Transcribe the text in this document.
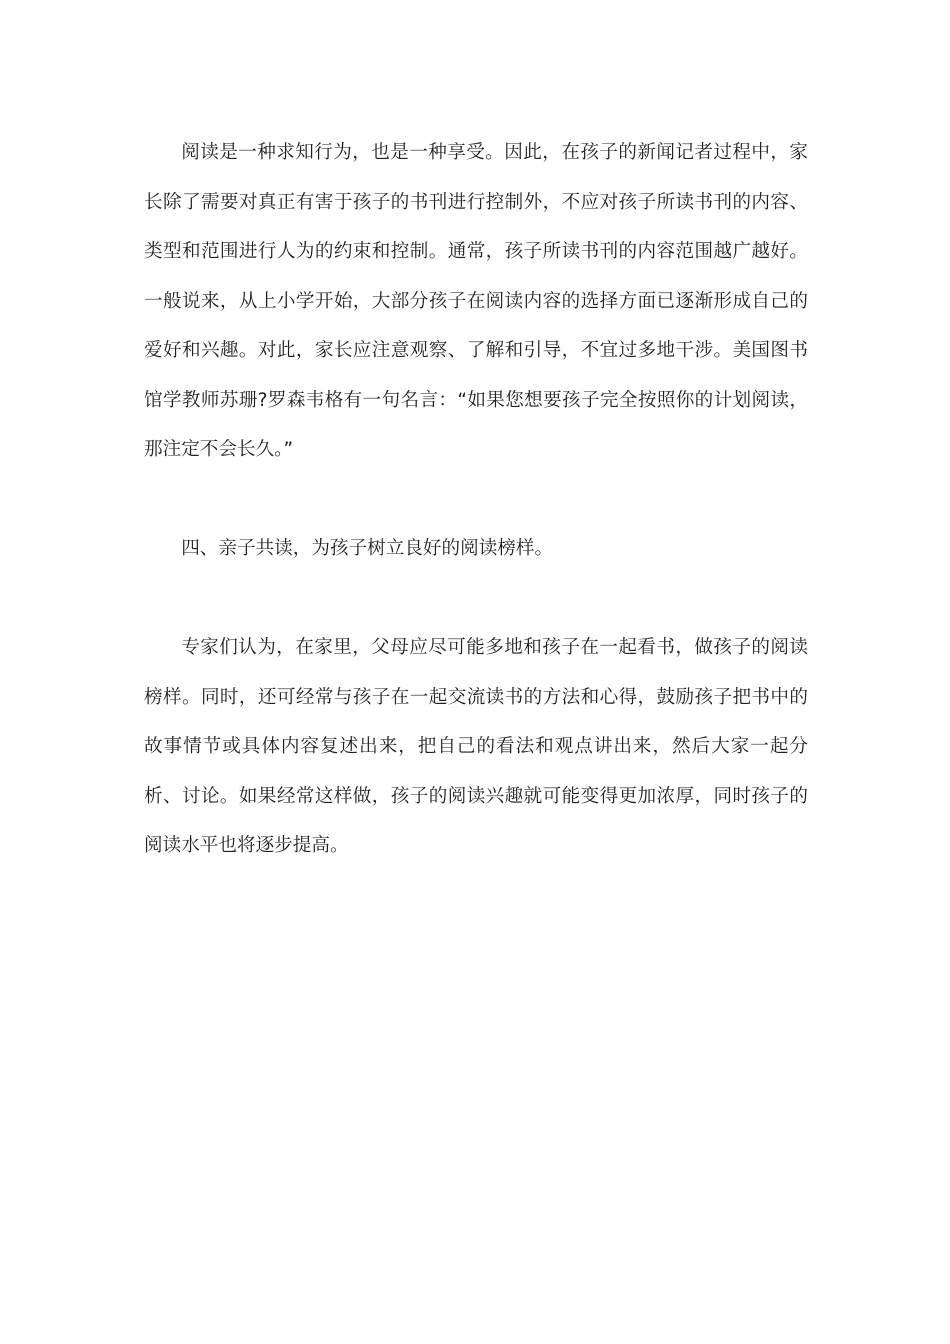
阅读是一种求知行为，也是一种享受。因此，在孩子的新闻记者过程中，家长除了需要对真正有害于孩子的书刊进行控制外，不应对孩子所读书刊的内容、类型和范围进行人为的约束和控制。通常，孩子所读书刊的内容范围越广越好。一般说来，从上小学开始，大部分孩子在阅读内容的选择方面已逐渐形成自己的爱好和兴趣。对此，家长应注意观察、了解和引导，不宜过多地干涉。美国图书馆学教师苏珊?罗森韦格有一句名言：“如果您想要孩子完全按照你的计划阅读，那注定不会长久。”

四、亲子共读，为孩子树立良好的阅读榜样。

专家们认为，在家里，父母应尽可能多地和孩子在一起看书，做孩子的阅读榜样。同时，还可经常与孩子在一起交流读书的方法和心得，鼓励孩子把书中的故事情节或具体内容复述出来，把自己的看法和观点讲出来，然后大家一起分析、讨论。如果经常这样做，孩子的阅读兴趣就可能变得更加浓厚，同时孩子的阅读水平也将逐步提高。
